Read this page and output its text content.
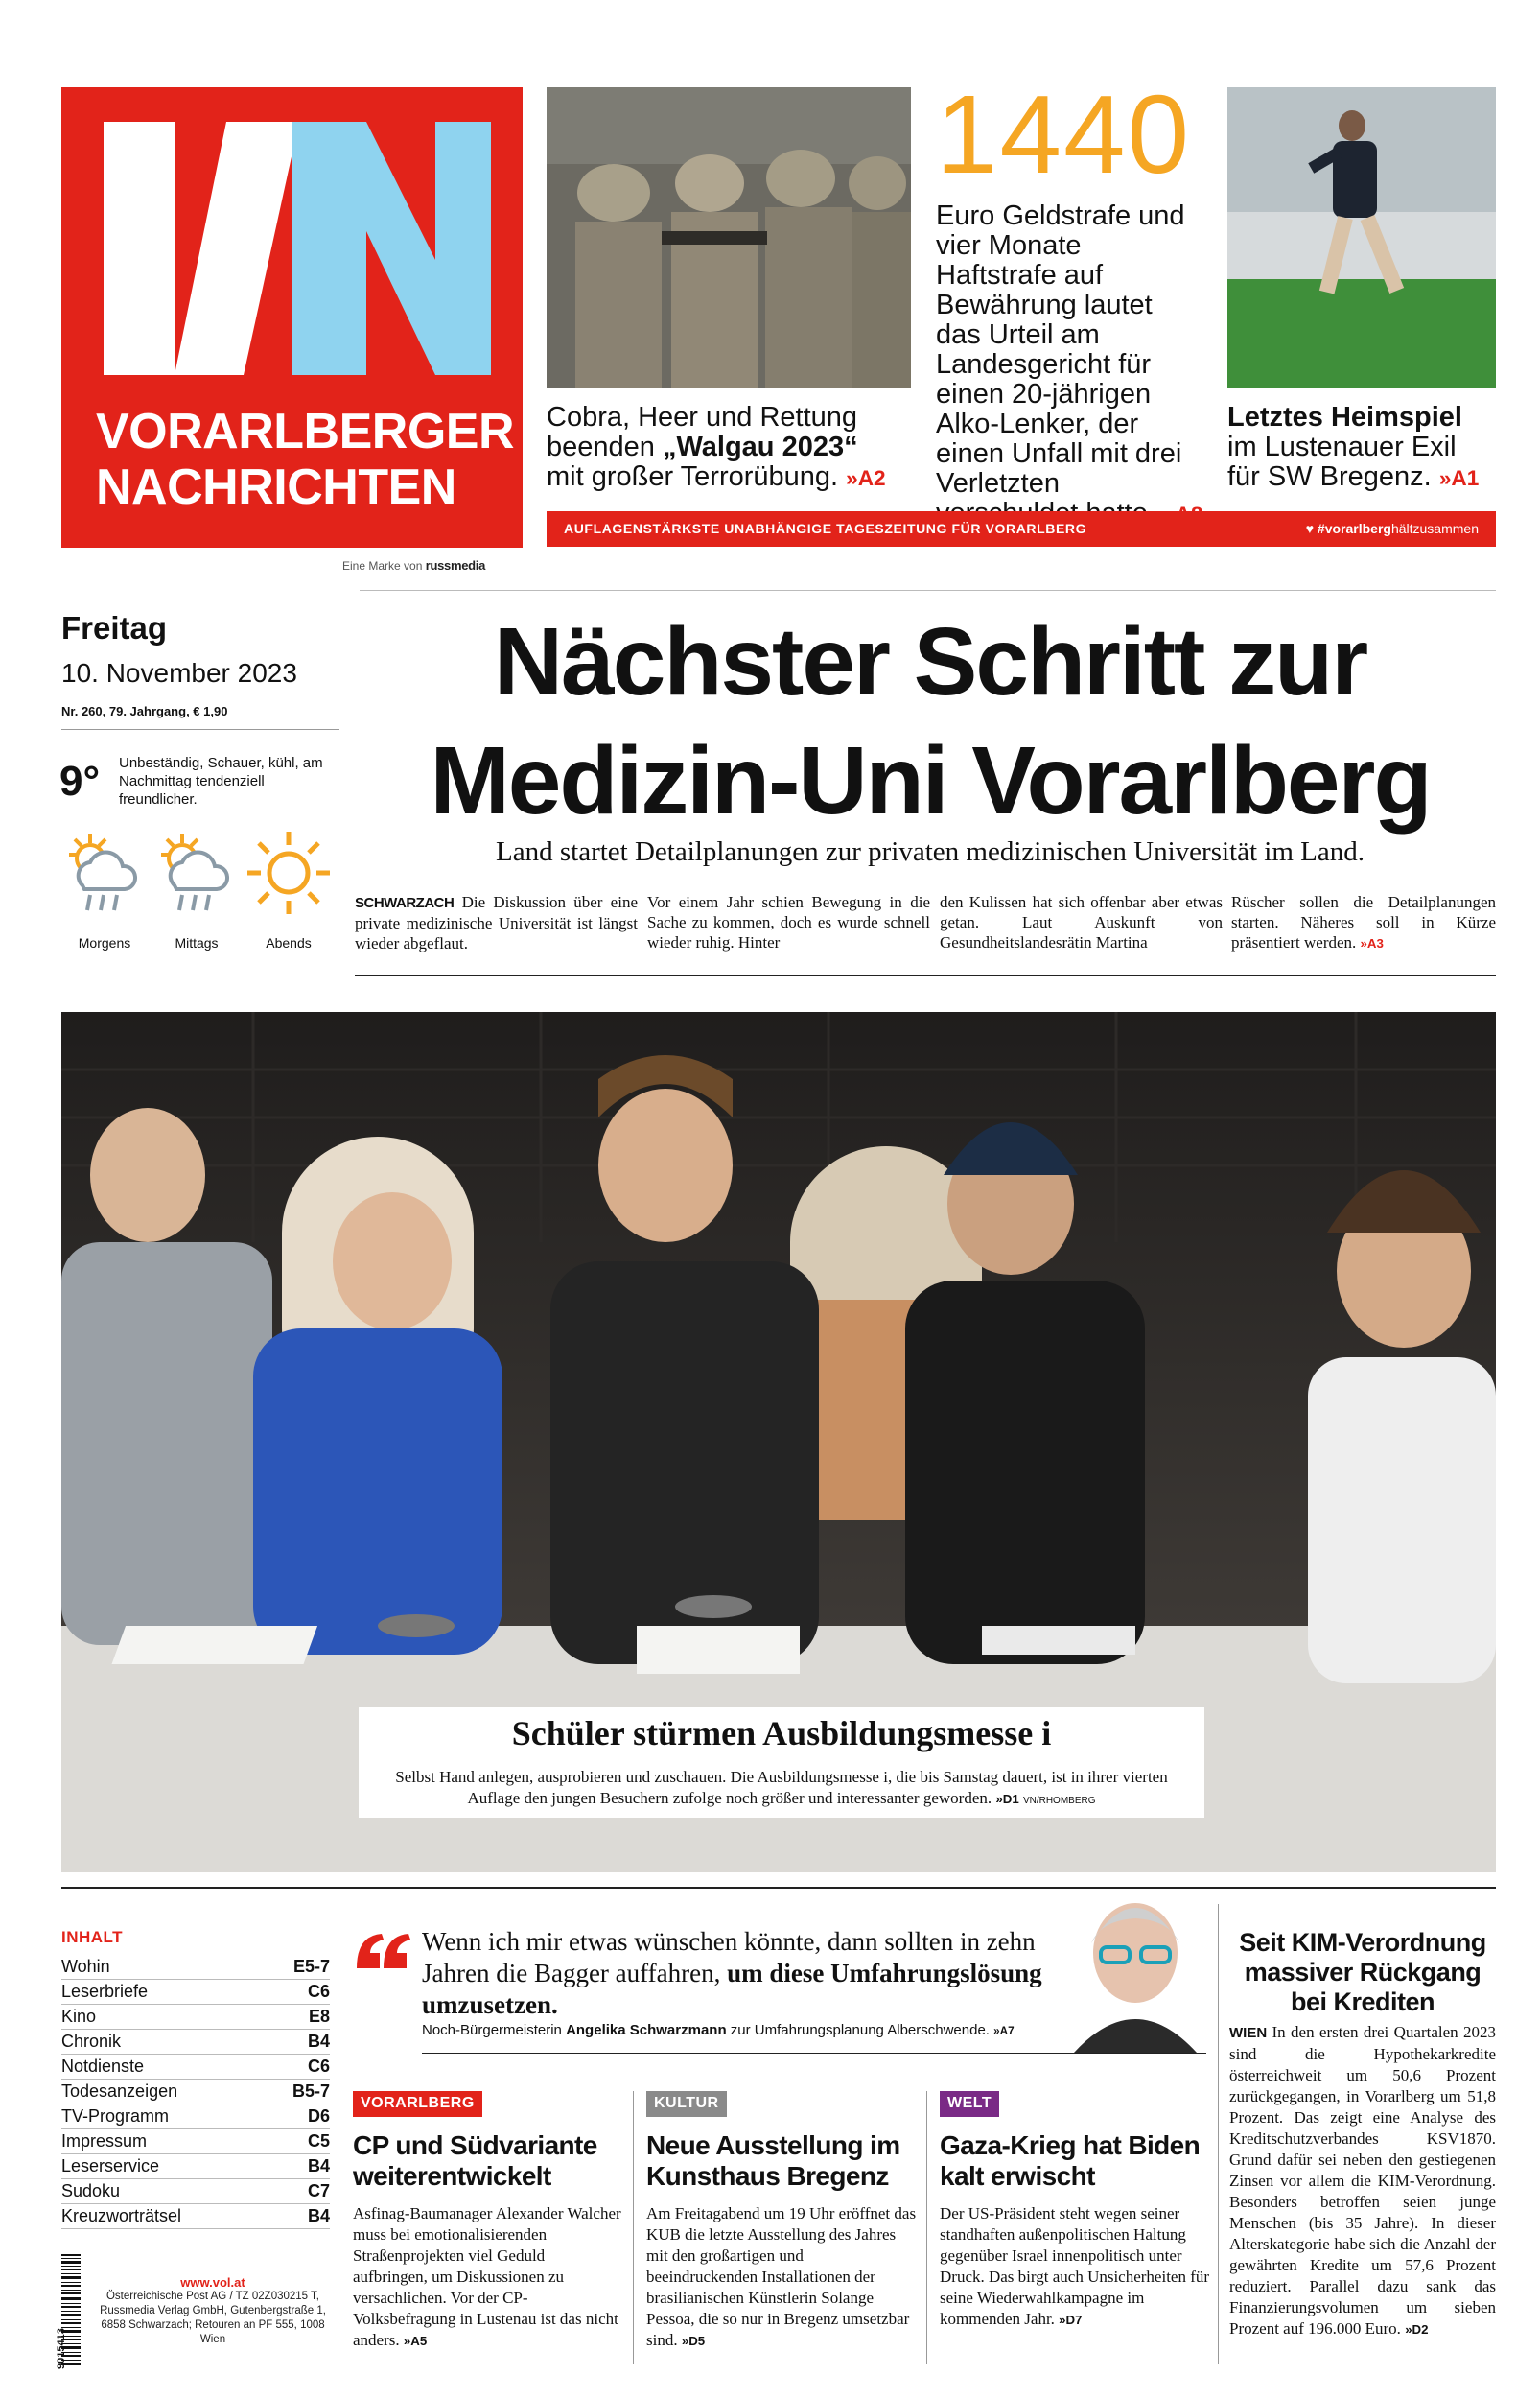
VORARLBERGER
NACHRICHTEN
Eine Marke von russmedia
Cobra, Heer und Rettung
beenden „Walgau 2023“
mit großer Terrorübung. »A2
1440
Euro Geldstrafe und vier Monate Haftstrafe auf Bewährung lautet das Urteil am Landesgericht für einen 20-jährigen Alko-Lenker, der einen Unfall mit drei Verletzten
Letztes Heimspiel im Lustenauer Exil für SW Bregenz. »A1
AUFLAGENSTÄRKSTE UNABHÄNGIGE TAGESZEITUNG FÜR VORARLBERG	♥ #vorarlberghältzusammen
Freitag
10. November 2023
Nr. 260, 79. Jahrgang, € 1,90
9° Unbeständig, Schauer, kühl, am Nachmittag tendenziell freundlicher.
Morgens	Mittags	Abends
Nächster Schritt zur
Medizin-Uni Vorarlberg
Land startet Detailplanungen zur privaten medizinischen Universität im Land.
SCHWARZACH Die Diskussion über eine private medizinische Universität ist längst wieder abgeflaut.
Vor einem Jahr schien Bewegung in die Sache zu kommen, doch es wurde schnell wieder ruhig. Hinter
den Kulissen hat sich offenbar aber etwas getan. Laut Auskunft von Gesundheitslandesrätin Martina
Rüscher sollen die Detailplanungen starten. Näheres soll in Kürze präsentiert werden. »A3
Schüler stürmen Ausbildungsmesse i
Selbst Hand anlegen, ausprobieren und zuschauen. Die Ausbildungsmesse i, die bis Samstag dauert, ist in ihrer vierten Auflage den jungen Besuchern zufolge noch größer und interessanter geworden. »D1 VN/RHOMBERG
INHALT
Wohin	E5-7
Leserbriefe	C6
Kino	E8
Chronik	B4
Notdienste	C6
Todesanzeigen	B5-7
TV-Programm	D6
Impressum	C5
Leserservice	B4
Sudoku	C7
Kreuzworträtsel	B4
9015413
www.vol.at
Österreichische Post AG / TZ 02Z030215 T, Russmedia Verlag GmbH, Gutenbergstraße 1, 6858 Schwarzach; Retouren an PF 555, 1008 Wien
Wenn ich mir etwas wünschen könnte, dann sollten in zehn Jahren die Bagger auffahren, um diese Umfahrungslösung umzusetzen.
Noch-Bürgermeisterin Angelika Schwarzmann zur Umfahrungsplanung Alberschwende. »A7
VORARLBERG
CP und Südvariante weiterentwickelt
Asfinag-Baumanager Alexander Walcher muss bei emotionalisierenden Straßenprojekten viel Geduld aufbringen, um Diskussionen zu versachlichen. Vor der CP-Volksbefragung in Lustenau ist das nicht anders. »A5
KULTUR
Neue Ausstellung im Kunsthaus Bregenz
Am Freitagabend um 19 Uhr eröffnet das KUB die letzte Ausstellung des Jahres mit den großartigen und beeindruckenden Installationen der brasilianischen Künstlerin Solange Pessoa, die so nur in Bregenz umsetzbar sind. »D5
WELT
Gaza-Krieg hat Biden kalt erwischt
Der US-Präsident steht wegen seiner standhaften außenpolitischen Haltung gegenüber Israel innenpolitisch unter Druck. Das birgt auch Unsicherheiten für seine Wiederwahlkampagne im kommenden Jahr. »D7
Seit KIM-Verordnung massiver Rückgang bei Krediten
WIEN In den ersten drei Quartalen 2023 sind die Hypothekarkredite österreichweit um 50,6 Prozent zurückgegangen, in Vorarlberg um 51,8 Prozent. Das zeigt eine Analyse des Kreditschutzverbandes KSV1870. Grund dafür sei neben den gestiegenen Zinsen vor allem die KIM-Verordnung. Besonders betroffen seien junge Menschen (bis 35 Jahre). In dieser Alterskategorie habe sich die Anzahl der gewährten Kredite um 57,6 Prozent reduziert. Parallel dazu sank das Finanzierungsvolumen um sieben Prozent auf 196.000 Euro. »D2
